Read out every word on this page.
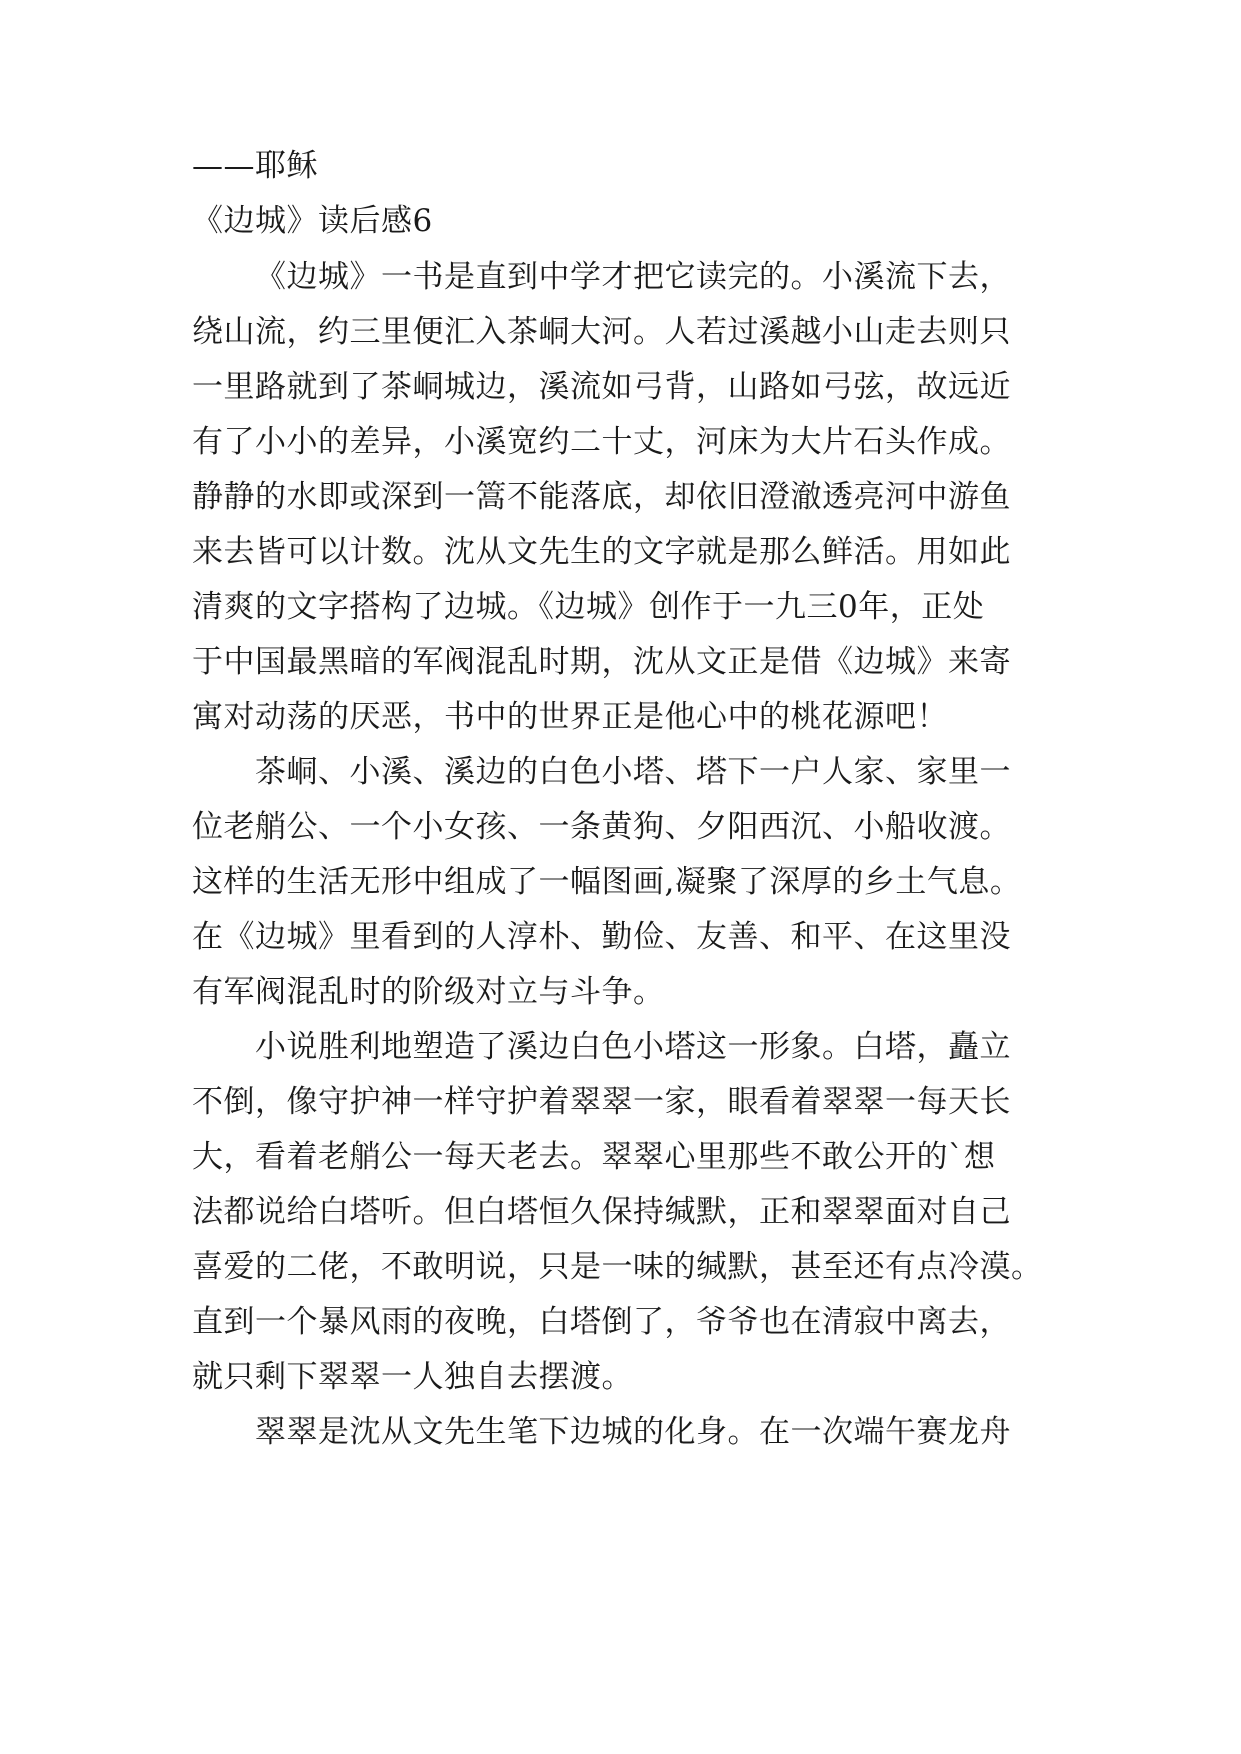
——耶稣
《边城》读后感6
《边城》一书是直到中学才把它读完的。小溪流下去，
绕山流，约三里便汇入茶峒大河。人若过溪越小山走去则只
一里路就到了茶峒城边，溪流如弓背，山路如弓弦，故远近
有了小小的差异，小溪宽约二十丈，河床为大片石头作成。
静静的水即或深到一篙不能落底，却依旧澄澈透亮河中游鱼
来去皆可以计数。沈从文先生的文字就是那么鲜活。用如此
清爽的文字搭构了边城。《边城》创作于一九三0年，正处
于中国最黑暗的军阀混乱时期，沈从文正是借《边城》来寄
寓对动荡的厌恶，书中的世界正是他心中的桃花源吧！
茶峒、小溪、溪边的白色小塔、塔下一户人家、家里一
位老艄公、一个小女孩、一条黄狗、夕阳西沉、小船收渡。
这样的生活无形中组成了一幅图画,凝聚了深厚的乡土气息。
在《边城》里看到的人淳朴、勤俭、友善、和平、在这里没
有军阀混乱时的阶级对立与斗争。
小说胜利地塑造了溪边白色小塔这一形象。白塔，矗立
不倒，像守护神一样守护着翠翠一家，眼看着翠翠一每天长
大，看着老艄公一每天老去。翠翠心里那些不敢公开的`想
法都说给白塔听。但白塔恒久保持缄默，正和翠翠面对自己
喜爱的二佬，不敢明说，只是一味的缄默，甚至还有点冷漠。
直到一个暴风雨的夜晚，白塔倒了，爷爷也在清寂中离去，
就只剩下翠翠一人独自去摆渡。
翠翠是沈从文先生笔下边城的化身。在一次端午赛龙舟
